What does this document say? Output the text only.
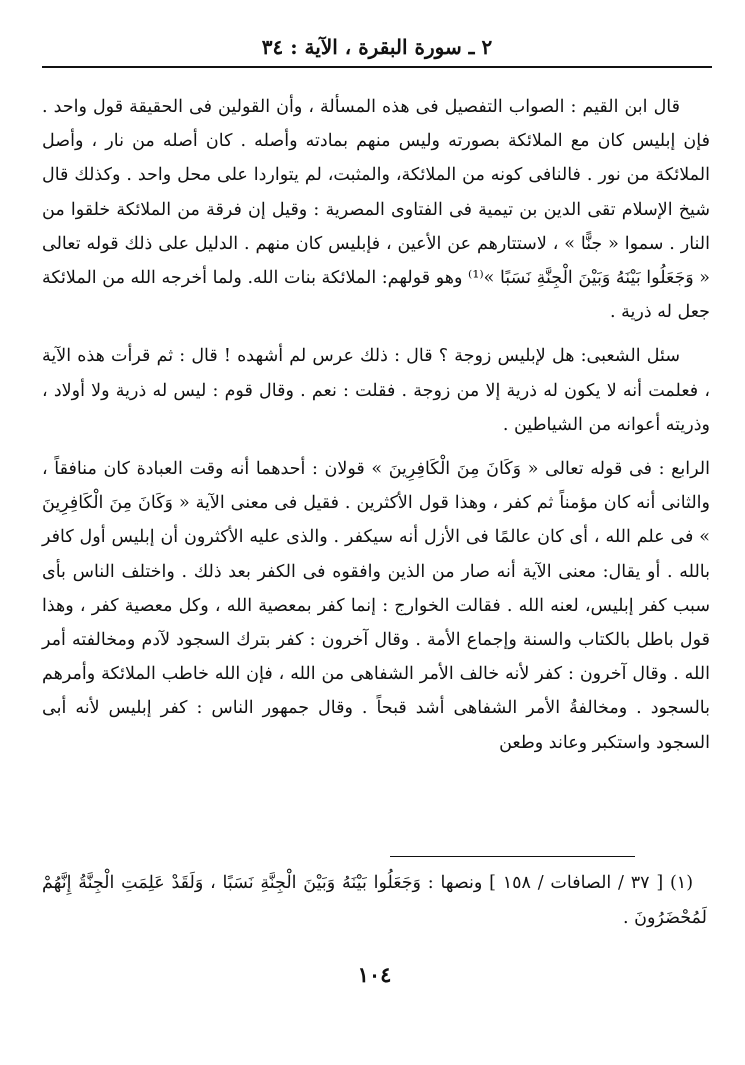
٢ ـ سورة البقرة ، الآية : ٣٤

قال ابن القيم : الصواب التفصيل فى هذه المسألة ، وأن القولين فى الحقيقة قول واحد . فإن إبليس كان مع الملائكة بصورته وليس منهم بمادته وأصله . كان أصله من نار ، وأصل الملائكة من نور . فالنافى كونه من الملائكة، والمثبت، لم يتواردا على محل واحد . وكذلك قال شيخ الإسلام تقى الدين بن تيمية فى الفتاوى المصرية : وقيل إن فرقة من الملائكة خلقوا من النار . سموا « جنًّا » ، لاستتارهم عن الأعين ، فإبليس كان منهم . الدليل على ذلك قوله تعالى « وَجَعَلُوا بَيْنَهُ وَبَيْنَ الْجِنَّةِ نَسَبًا »⁽¹⁾ وهو قولهم: الملائكة بنات الله. ولما أخرجه الله من الملائكة جعل له ذرية .

سئل الشعبى: هل لإبليس زوجة ؟ قال : ذلك عرس لم أشهده ! قال : ثم قرأت هذه الآية ، فعلمت أنه لا يكون له ذرية إلا من زوجة . فقلت : نعم . وقال قوم : ليس له ذرية ولا أولاد ، وذريته أعوانه من الشياطين .

الرابع : فى قوله تعالى « وَكَانَ مِنَ الْكَافِرِينَ » قولان : أحدهما أنه وقت العبادة كان منافقاً ، والثانى أنه كان مؤمناً ثم كفر ، وهذا قول الأكثرين . فقيل فى معنى الآية « وَكَانَ مِنَ الْكَافِرِينَ » فى علم الله ، أى كان عالمًا فى الأزل أنه سيكفر . والذى عليه الأكثرون أن إبليس أول كافر بالله . أو يقال: معنى الآية أنه صار من الذين وافقوه فى الكفر بعد ذلك . واختلف الناس بأى سبب كفر إبليس، لعنه الله . فقالت الخوارج : إنما كفر بمعصية الله ، وكل معصية كفر ، وهذا قول باطل بالكتاب والسنة وإجماع الأمة . وقال آخرون : كفر بترك السجود لآدم ومخالفته أمر الله . وقال آخرون : كفر لأنه خالف الأمر الشفاهى من الله ، فإن الله خاطب الملائكة وأمرهم بالسجود . ومخالفةُ الأمر الشفاهى أشد قبحاً . وقال جمهور الناس : كفر إبليس لأنه أبى السجود واستكبر وعاند وطعن

(١) [ ٣٧ / الصافات / ١٥٨ ] ونصها : وَجَعَلُوا بَيْنَهُ وَبَيْنَ الْجِنَّةِ نَسَبًا ، وَلَقَدْ عَلِمَتِ الْجِنَّةُ إِنَّهُمْ لَمُحْضَرُونَ .
١٠٤
